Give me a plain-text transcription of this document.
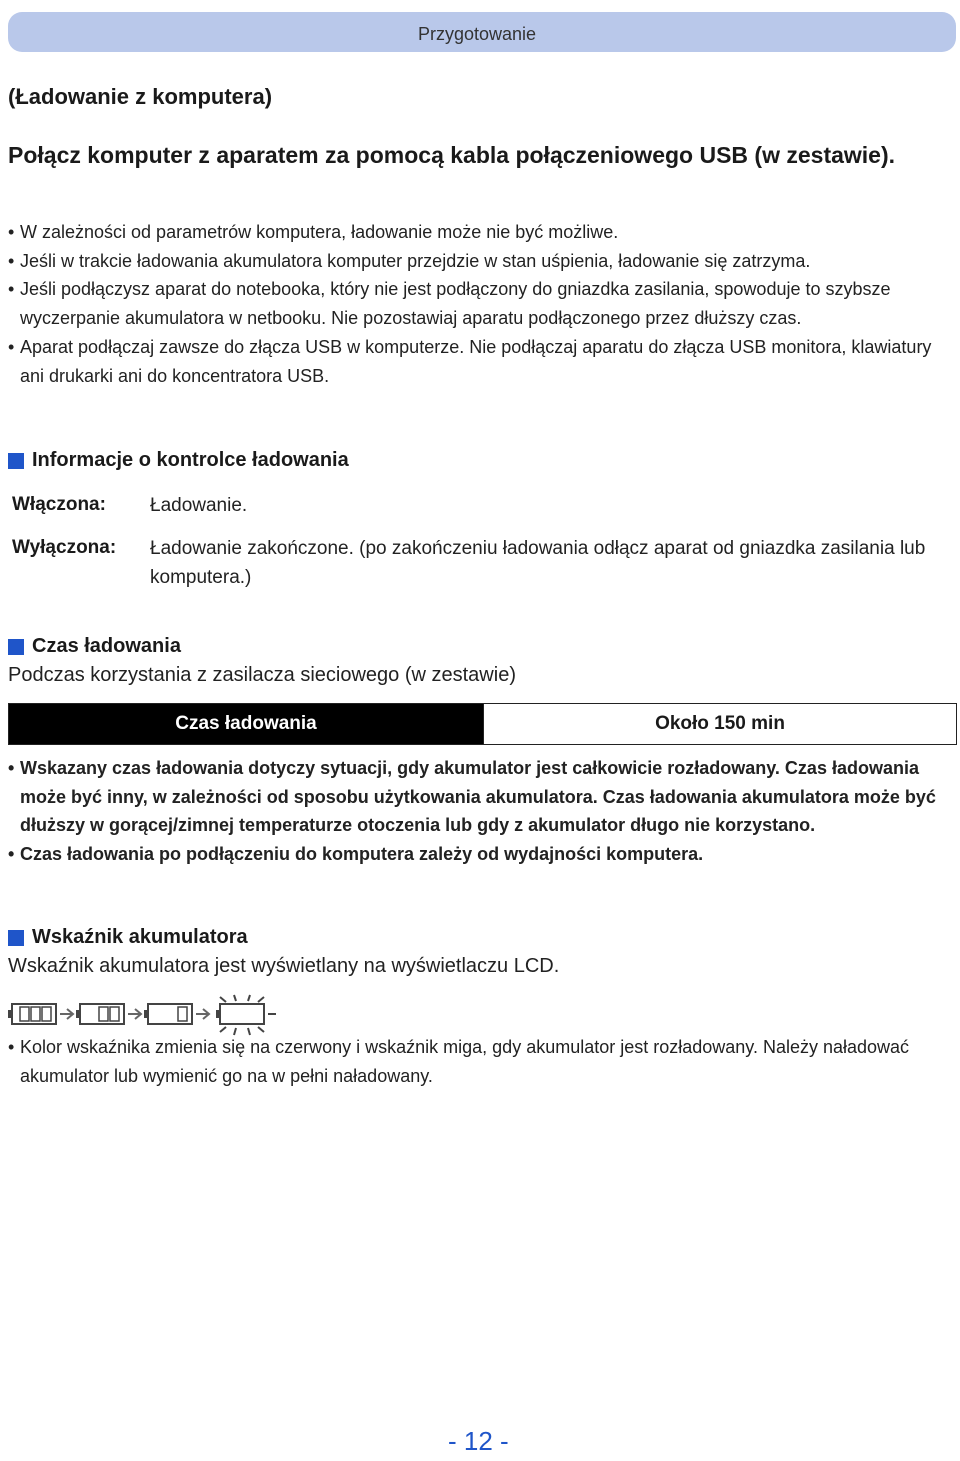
Przygotowanie
(Ładowanie z komputera)
Połącz komputer z aparatem za pomocą kabla połączeniowego USB (w zestawie).
• W zależności od parametrów komputera, ładowanie może nie być możliwe.
• Jeśli w trakcie ładowania akumulatora komputer przejdzie w stan uśpienia, ładowanie się zatrzyma.
• Jeśli podłączysz aparat do notebooka, który nie jest podłączony do gniazdka zasilania, spowoduje to szybsze wyczerpanie akumulatora w netbooku. Nie pozostawiaj aparatu podłączonego przez dłuższy czas.
• Aparat podłączaj zawsze do złącza USB w komputerze. Nie podłączaj aparatu do złącza USB monitora, klawiatury ani drukarki ani do koncentratora USB.
Informacje o kontrolce ładowania
Włączona: Ładowanie.
Wyłączona: Ładowanie zakończone. (po zakończeniu ładowania odłącz aparat od gniazdka zasilania lub komputera.)
Czas ładowania
Podczas korzystania z zasilacza sieciowego (w zestawie)
Czas ładowania	Około 150 min
• Wskazany czas ładowania dotyczy sytuacji, gdy akumulator jest całkowicie rozładowany. Czas ładowania może być inny, w zależności od sposobu użytkowania akumulatora. Czas ładowania akumulatora może być dłuższy w gorącej/zimnej temperaturze otoczenia lub gdy z akumulator długo nie korzystano.
• Czas ładowania po podłączeniu do komputera zależy od wydajności komputera.
Wskaźnik akumulatora
Wskaźnik akumulatora jest wyświetlany na wyświetlaczu LCD.
• Kolor wskaźnika zmienia się na czerwony i wskaźnik miga, gdy akumulator jest rozładowany. Należy naładować akumulator lub wymienić go na w pełni naładowany.
- 12 -
